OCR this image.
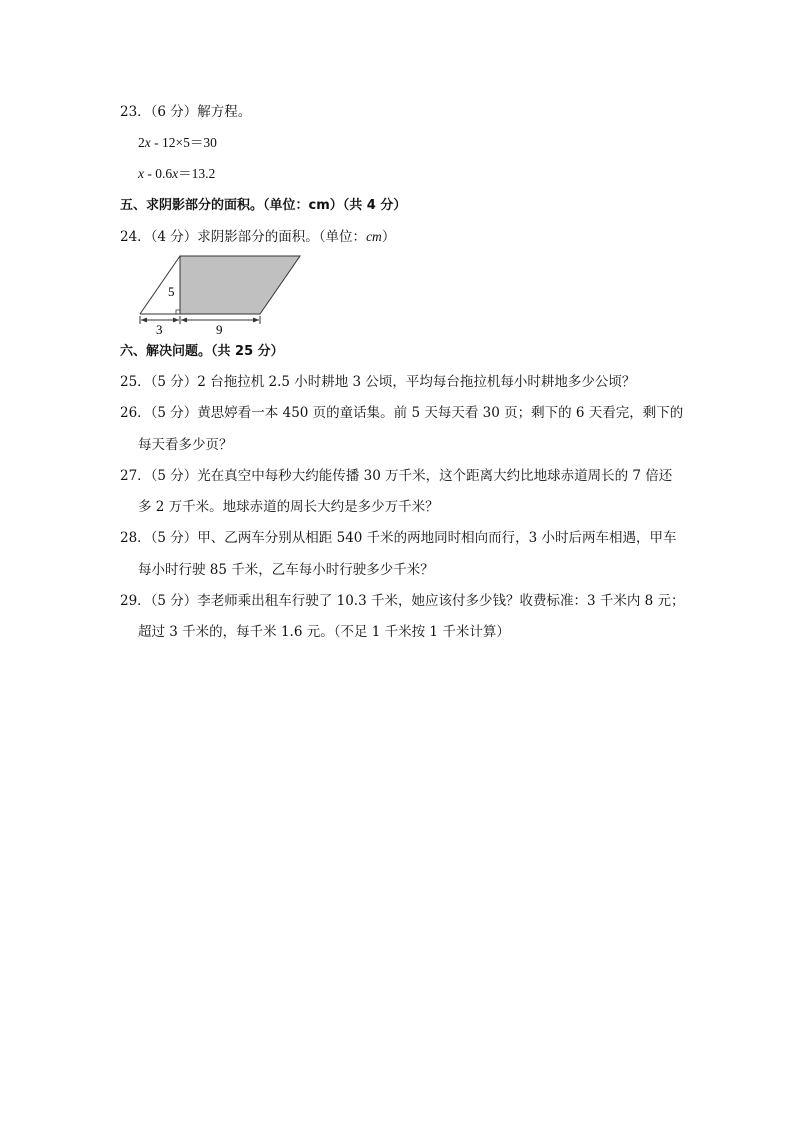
23．（6 分）解方程。
2x - 12×5＝30
x - 0.6x＝13.2
五、求阴影部分的面积。（单位：cm）（共 4 分）
24．（4 分）求阴影部分的面积。（单位：cm）
5
3	9
六、解决问题。（共 25 分）
25．（5 分）2 台拖拉机 2.5 小时耕地 3 公顷，平均每台拖拉机每小时耕地多少公顷？
26．（5 分）黄思婷看一本 450 页的童话集。前 5 天每天看 30 页；剩下的 6 天看完，剩下的
每天看多少页？
27．（5 分）光在真空中每秒大约能传播 30 万千米，这个距离大约比地球赤道周长的 7 倍还
多 2 万千米。地球赤道的周长大约是多少万千米？
28．（5 分）甲、乙两车分别从相距 540 千米的两地同时相向而行，3 小时后两车相遇，甲车
每小时行驶 85 千米，乙车每小时行驶多少千米？
29．（5 分）李老师乘出租车行驶了 10.3 千米，她应该付多少钱？收费标准：3 千米内 8 元；
超过 3 千米的，每千米 1.6 元。（不足 1 千米按 1 千米计算）
